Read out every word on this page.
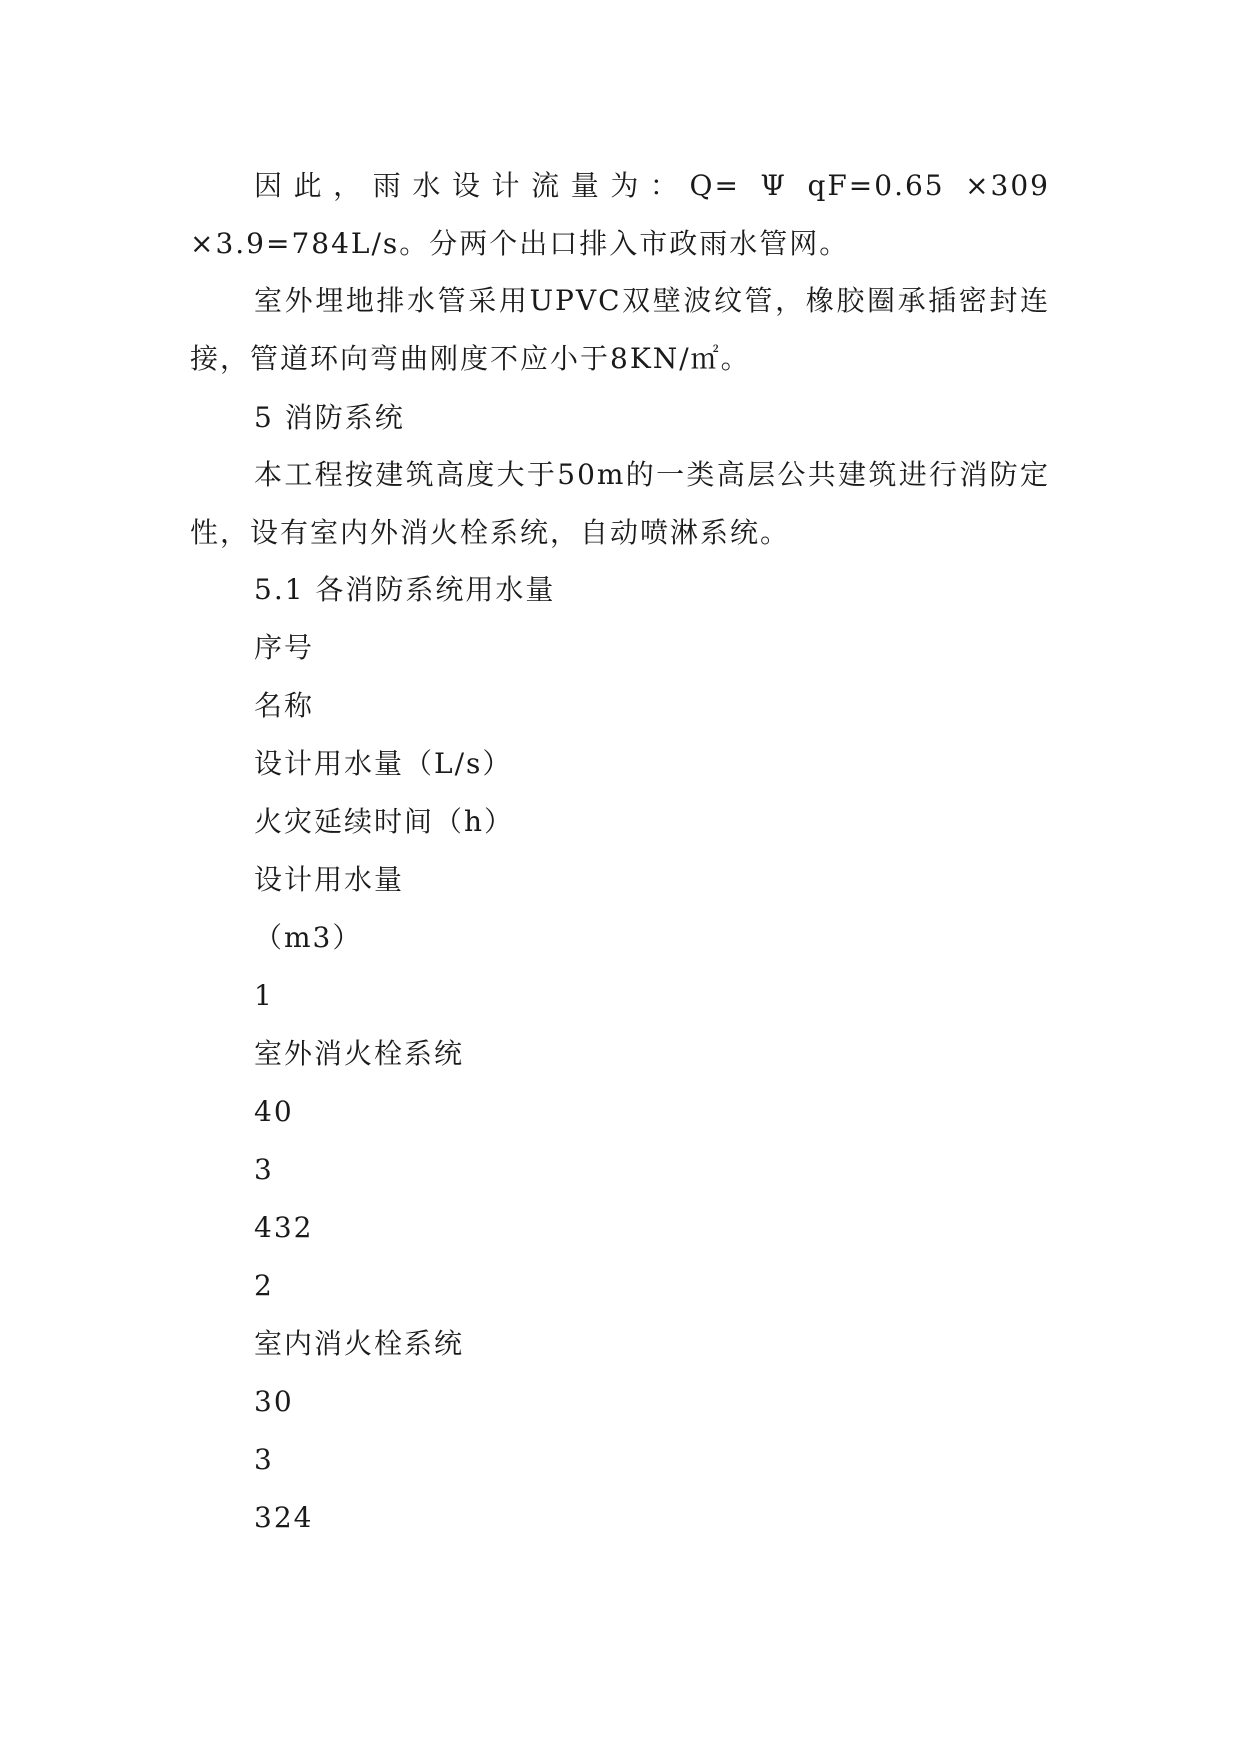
因此，雨水设计流量为：Q= Ψ qF=0.65 ×309 ×3.9=784L/s。分两个出口排入市政雨水管网。

室外埋地排水管采用UPVC双壁波纹管，橡胶圈承插密封连接，管道环向弯曲刚度不应小于8KN/㎡。

5 消防系统

本工程按建筑高度大于50m的一类高层公共建筑进行消防定性，设有室内外消火栓系统，自动喷淋系统。

5.1 各消防系统用水量

序号

名称

设计用水量（L/s）

火灾延续时间（h）

设计用水量

（m3）

1

室外消火栓系统

40

3

432

2

室内消火栓系统

30

3

324
